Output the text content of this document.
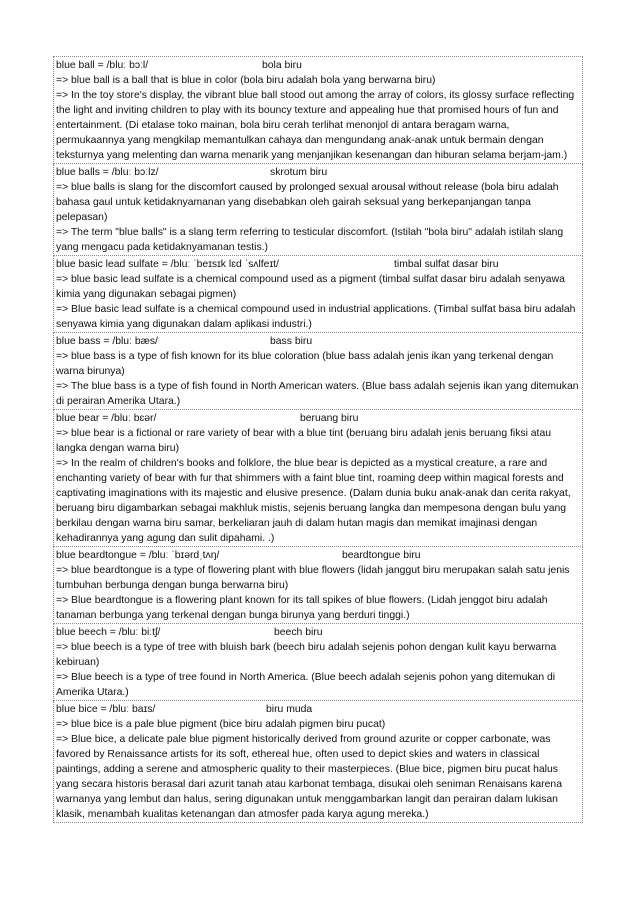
blue ball = /bluː bɔːl/	bola biru

=> blue ball is a ball that is blue in color (bola biru adalah bola yang berwarna biru)

=> In the toy store's display, the vibrant blue ball stood out among the array of colors, its glossy surface reflecting the light and inviting children to play with its bouncy texture and appealing hue that promised hours of fun and entertainment. (Di etalase toko mainan, bola biru cerah terlihat menonjol di antara beragam warna, permukaannya yang mengkilap memantulkan cahaya dan mengundang anak-anak untuk bermain dengan teksturnya yang melenting dan warna menarik yang menjanjikan kesenangan dan hiburan selama berjam-jam.)

blue balls = /bluː bɔːlz/	skrotum biru

=> blue balls is slang for the discomfort caused by prolonged sexual arousal without release (bola biru adalah bahasa gaul untuk ketidaknyamanan yang disebabkan oleh gairah seksual yang berkepanjangan tanpa pelepasan)

=> The term "blue balls" is a slang term referring to testicular discomfort. (Istilah "bola biru" adalah istilah slang yang mengacu pada ketidaknyamanan testis.)

blue basic lead sulfate = /bluː ˈbeɪsɪk lɛd ˈsʌlfeɪt/	timbal sulfat dasar biru

=> blue basic lead sulfate is a chemical compound used as a pigment (timbal sulfat dasar biru adalah senyawa kimia yang digunakan sebagai pigmen)

=> Blue basic lead sulfate is a chemical compound used in industrial applications. (Timbal sulfat basa biru adalah senyawa kimia yang digunakan dalam aplikasi industri.)

blue bass = /bluː bæs/	bass biru

=> blue bass is a type of fish known for its blue coloration (blue bass adalah jenis ikan yang terkenal dengan warna birunya)

=> The blue bass is a type of fish found in North American waters. (Blue bass adalah sejenis ikan yang ditemukan di perairan Amerika Utara.)

blue bear = /bluː bɛər/	beruang biru

=> blue bear is a fictional or rare variety of bear with a blue tint (beruang biru adalah jenis beruang fiksi atau langka dengan warna biru)

=> In the realm of children's books and folklore, the blue bear is depicted as a mystical creature, a rare and enchanting variety of bear with fur that shimmers with a faint blue tint, roaming deep within magical forests and captivating imaginations with its majestic and elusive presence. (Dalam dunia buku anak-anak dan cerita rakyat, beruang biru digambarkan sebagai makhluk mistis, sejenis beruang langka dan mempesona dengan bulu yang berkilau dengan warna biru samar, berkeliaran jauh di dalam hutan magis dan memikat imajinasi dengan kehadirannya yang agung dan sulit dipahami. .)

blue beardtongue = /bluː ˈbɪərdˌtʌŋ/	beardtongue biru

=> blue beardtongue is a type of flowering plant with blue flowers (lidah janggut biru merupakan salah satu jenis tumbuhan berbunga dengan bunga berwarna biru)

=> Blue beardtongue is a flowering plant known for its tall spikes of blue flowers. (Lidah jenggot biru adalah tanaman berbunga yang terkenal dengan bunga birunya yang berduri tinggi.)

blue beech = /bluː biːtʃ/	beech biru

=> blue beech is a type of tree with bluish bark (beech biru adalah sejenis pohon dengan kulit kayu berwarna kebiruan)

=> Blue beech is a type of tree found in North America. (Blue beech adalah sejenis pohon yang ditemukan di Amerika Utara.)

blue bice = /bluː baɪs/	biru muda

=> blue bice is a pale blue pigment (bice biru adalah pigmen biru pucat)

=> Blue bice, a delicate pale blue pigment historically derived from ground azurite or copper carbonate, was favored by Renaissance artists for its soft, ethereal hue, often used to depict skies and waters in classical paintings, adding a serene and atmospheric quality to their masterpieces. (Blue bice, pigmen biru pucat halus yang secara historis berasal dari azurit tanah atau karbonat tembaga, disukai oleh seniman Renaisans karena warnanya yang lembut dan halus, sering digunakan untuk menggambarkan langit dan perairan dalam lukisan klasik, menambah kualitas ketenangan dan atmosfer pada karya agung mereka.)
